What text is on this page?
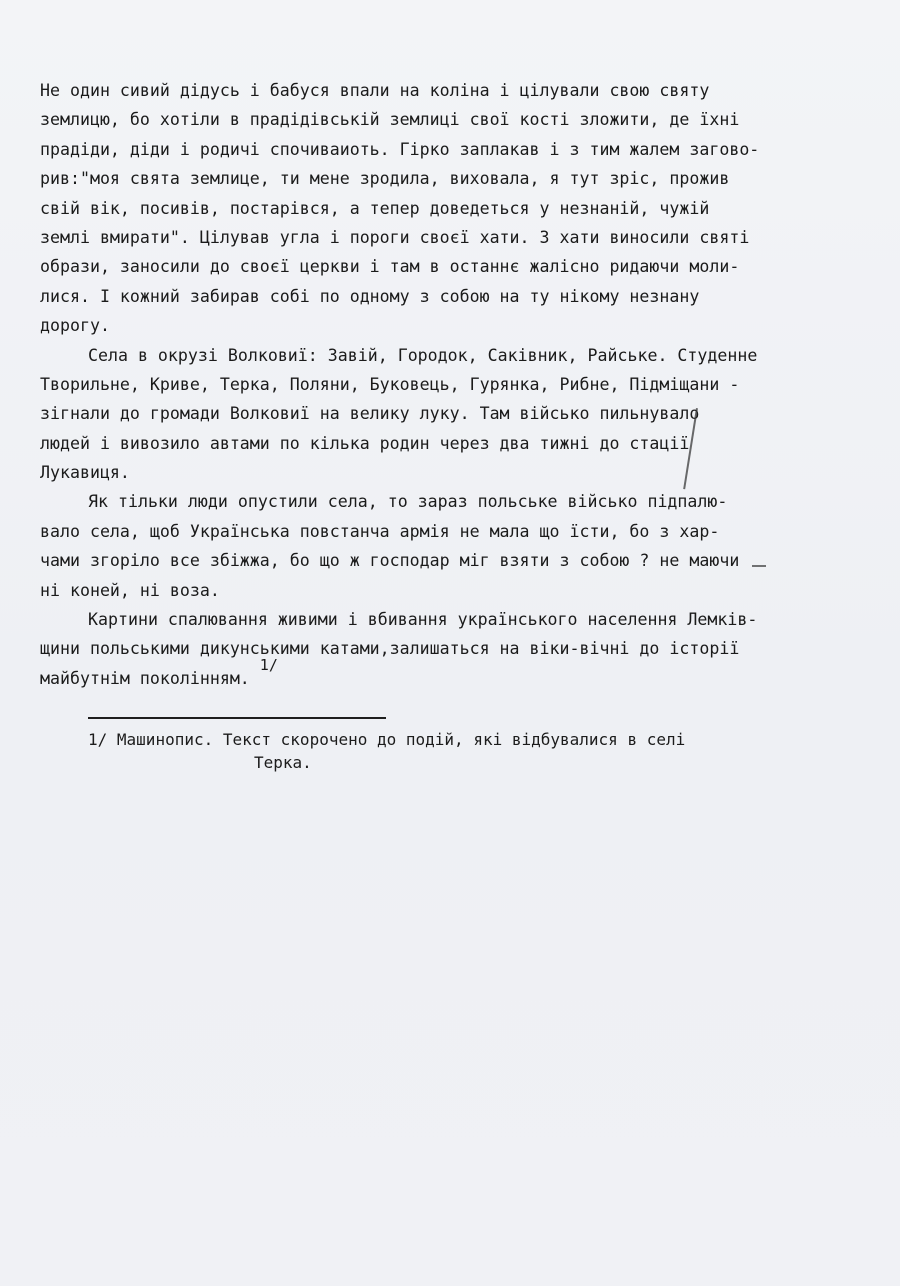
Не один сивий дідусь і бабуся впали на коліна і цілували свою святу
землицю, бо хотіли в прадідівській землиці свої кості зложити, де їхні
прадіди, діди і родичі спочиваиоть. Гірко заплакав і з тим жалем загово-
рив:"моя свята землице, ти мене зродила, виховала, я тут зріс, прожив
свій вік, посивів, постарівся, а тепер доведеться у незнаній, чужій
землі вмирати". Цілував угла і пороги своєї хати. З хати виносили святі
образи, заносили до своєї церкви і там в останнє жалісно ридаючи моли-
лися. І кожний забирав собі по одному з собою на ту нікому незнану
дорогу.
Села в окрузі Волковиї: Завій, Городок, Саківник, Райське. Студенне
Творильне, Криве, Терка, Поляни, Буковець, Гурянка, Рибне, Підміщани -
зігнали до громади Волковиї на велику луку. Там військо пильнувало
людей і вивозило автами по кілька родин через два тижні до стації
Лукавиця.
Як тільки люди опустили села, то зараз польське військо підпалю-
вало села, щоб Українська повстанча армія не мала що їсти, бо з хар-
чами згоріло все збіжжа, бо що ж господар міг взяти з собою ? не маючи
ні коней, ні воза.
Картини спалювання живими і вбивання українського населення Лемків-
щини польськими дикунськими катами,залишаться на віки-вічні до історії
майбутнім поколінням.1/
1/ Машинопис. Текст скорочено до подій, які відбувалися в селі
Терка.
